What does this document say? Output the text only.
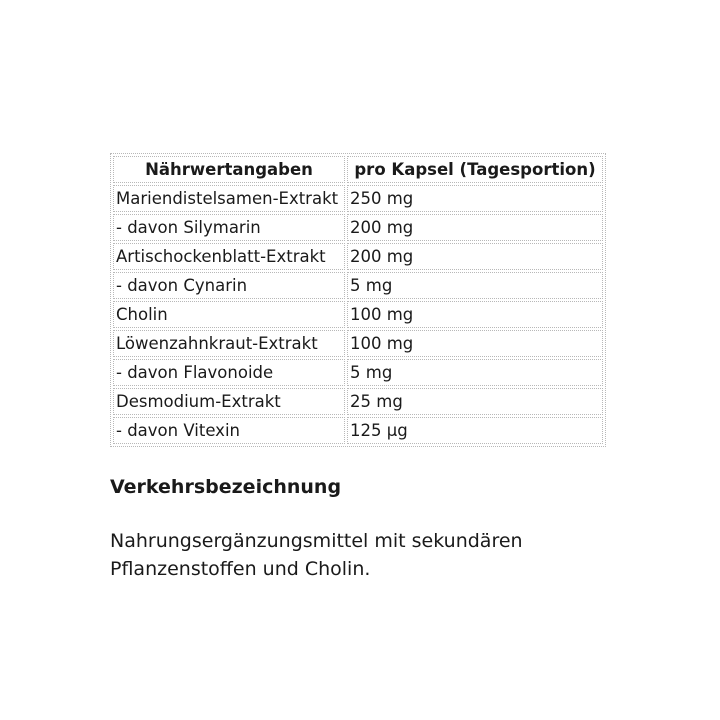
Nährwertangaben	pro Kapsel (Tagesportion)
Mariendistelsamen-Extrakt	250 mg
- davon Silymarin	200 mg
Artischockenblatt-Extrakt	200 mg
- davon Cynarin	5 mg
Cholin	100 mg
Löwenzahnkraut-Extrakt	100 mg
- davon Flavonoide	5 mg
Desmodium-Extrakt	25 mg
- davon Vitexin	125 µg
Verkehrsbezeichnung

Nahrungsergänzungsmittel mit sekundären
Pflanzenstoffen und Cholin.
